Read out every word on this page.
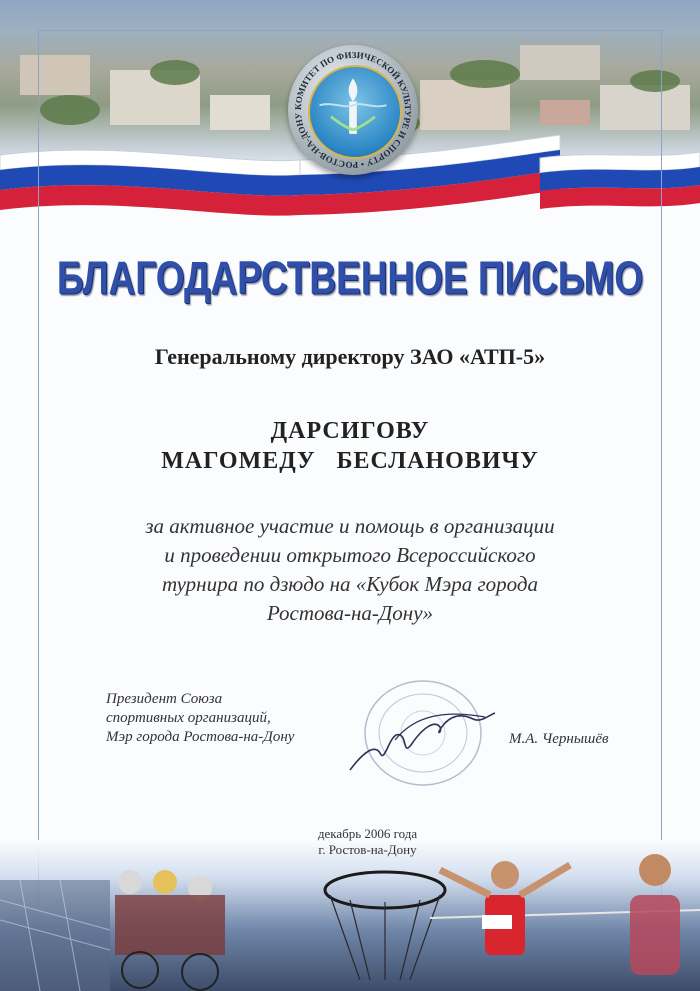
КОМИТЕТ ПО ФИЗИЧЕСКОЙ КУЛЬТУРЕ И СПОРТУ • РОСТОВ-НА-ДОНУ
БЛАГОДАРСТВЕННОЕ ПИСЬМО
Генеральному директору ЗАО «АТП-5»
ДАРСИГОВУ
МАГОМЕДУ БЕСЛАНОВИЧУ
за активное участие и помощь в организации
и проведении открытого Всероссийского
турнира по дзюдо на «Кубок Мэра города
Ростова-на-Дону»
Президент Союза
спортивных организаций,
Мэр города Ростова-на-Дону	М.А. Чернышёв
декабрь 2006 года
г. Ростов-на-Дону
